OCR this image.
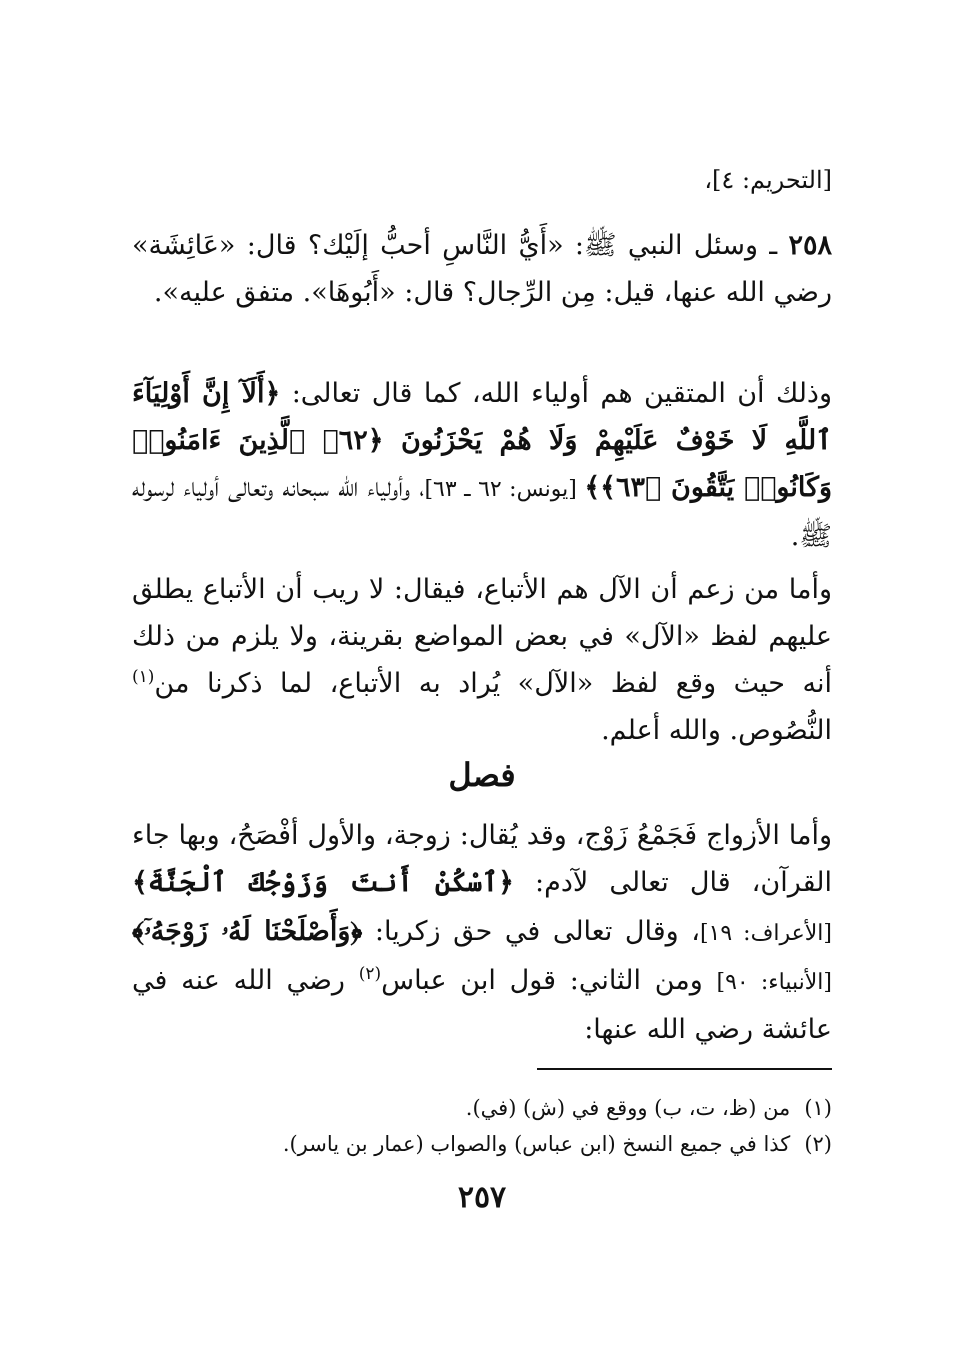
[التحريم: ٤]،
٢٥٨ ـ وسئل النبي ﷺ: «أَيُّ النَّاسِ أحبُّ إلَيْك؟ قال: «عَائِشَة» رضي الله عنها، قيل: مِن الرِّجال؟ قال: «أَبُوهَا». متفق عليه».
وذلك أن المتقين هم أولياء الله، كما قال تعالى: ﴿أَلَآ إِنَّ أَوْلِيَآءَ ٱللَّهِ لَا خَوْفٌ عَلَيْهِمْ وَلَا هُمْ يَحْزَنُونَ ﴿٦٢﴾ ٱلَّذِينَ ءَامَنُوا۟ وَكَانُوا۟ يَتَّقُونَ ﴿٦٣﴾﴾ [يونس: ٦٢ ـ ٦٣]، وأولياء الله سبحانه وتعالى أولياء لرسوله ﷺ.
وأما من زعم أن الآل هم الأتباع، فيقال: لا ريب أن الأتباع يطلق عليهم لفظ «الآل» في بعض المواضع بقرينة، ولا يلزم من ذلك أنه حيث وقع لفظ «الآل» يُراد به الأتباع، لما ذكرنا من$^{(١)}$ النُّصُوص. والله أعلم.
فصل
وأما الأزواج فَجَمْعُ زَوْج، وقد يُقال: زوجة، والأول أفْصَحُ، وبها جاء القرآن، قال تعالى لآدم: ﴿ٱسْكُنْ أَنتَ وَزَوْجُكَ ٱلْجَنَّةَ﴾ [الأعراف: ١٩]، وقال تعالى في حق زكريا: ﴿وَأَصْلَحْنَا لَهُۥ زَوْجَهُۥٓ﴾ [الأنبياء: ٩٠] ومن الثاني: قول ابن عباس$^{(٢)}$ رضي الله عنه في عائشة رضي الله عنها:
(١)من (ظ، ت، ب) ووقع في (ش) (في).
(٢)كذا في جميع النسخ (ابن عباس) والصواب (عمار بن ياسر).
٢٥٧
